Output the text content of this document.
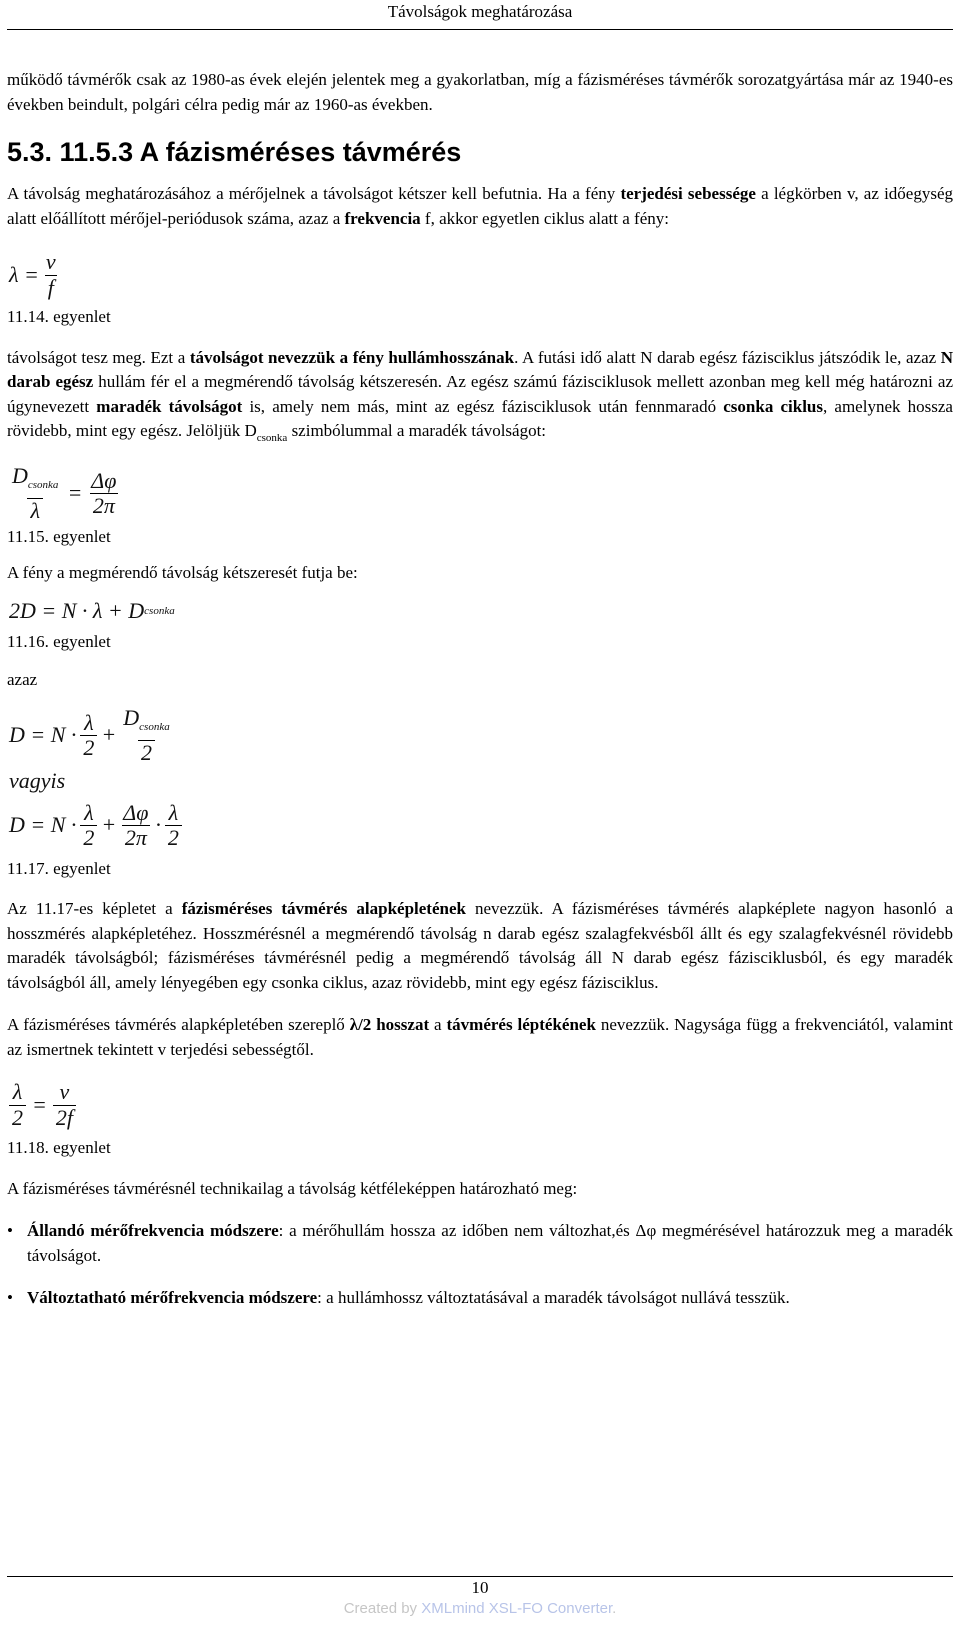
Távolságok meghatározása

működő távmérők csak az 1980-as évek elején jelentek meg a gyakorlatban, míg a fázisméréses távmérők sorozatgyártása már az 1940-es években beindult, polgári célra pedig már az 1960-as években.

5.3. 11.5.3 A fázisméréses távmérés

A távolság meghatározásához a mérőjelnek a távolságot kétszer kell befutnia. Ha a fény terjedési sebessége a légkörben v, az időegység alatt előállított mérőjel-periódusok száma, azaz a frekvencia f, akkor egyetlen ciklus alatt a fény:

$\lambda = \frac{v}{f}$
11.14. egyenlet

távolságot tesz meg. Ezt a távolságot nevezzük a fény hullámhosszának. A futási idő alatt N darab egész fázisciklus játszódik le, azaz N darab egész hullám fér el a megmérendő távolság kétszeresén. Az egész számú fázisciklusok mellett azonban meg kell még határozni az úgynevezett maradék távolságot is, amely nem más, mint az egész fázisciklusok után fennmaradó csonka ciklus, amelynek hossza rövidebb, mint egy egész. Jelöljük $D_{csonka}$ szimbólummal a maradék távolságot:

$\frac{D_{csonka}}{\lambda} = \frac{\Delta\varphi}{2\pi}$
11.15. egyenlet

A fény a megmérendő távolság kétszeresét futja be:

2D = N · λ + D csonka
11.16. egyenlet

azaz

$D = N \cdot \frac{\lambda}{2} + \frac{D_{csonka}}{2}$
vagyis
$D = N \cdot \frac{\lambda}{2} + \frac{\Delta\varphi}{2\pi} \cdot \frac{\lambda}{2}$
11.17. egyenlet

Az 11.17-es képletet a fázisméréses távmérés alapképletének nevezzük. A fázisméréses távmérés alapképlete nagyon hasonló a hosszmérés alapképletéhez. Hosszmérésnél a megmérendő távolság n darab egész szalagfekvésből állt és egy szalagfekvésnél rövidebb maradék távolságból; fázisméréses távmérésnél pedig a megmérendő távolság áll N darab egész fázisciklusból, és egy maradék távolságból áll, amely lényegében egy csonka ciklus, azaz rövidebb, mint egy egész fázisciklus.

A fázisméréses távmérés alapképletében szereplő λ/2 hosszat a távmérés léptékének nevezzük. Nagysága függ a frekvenciától, valamint az ismertnek tekintett v terjedési sebességtől.

$\frac{\lambda}{2} = \frac{v}{2f}$
11.18. egyenlet

A fázisméréses távmérésnél technikailag a távolság kétféleképpen határozható meg:

• Állandó mérőfrekvencia módszere: a mérőhullám hossza az időben nem változhat,és Δφ megmérésével határozzuk meg a maradék távolságot.
• Változtatható mérőfrekvencia módszere: a hullámhossz változtatásával a maradék távolságot nullává tesszük.
10
Created by XMLmind XSL-FO Converter.
